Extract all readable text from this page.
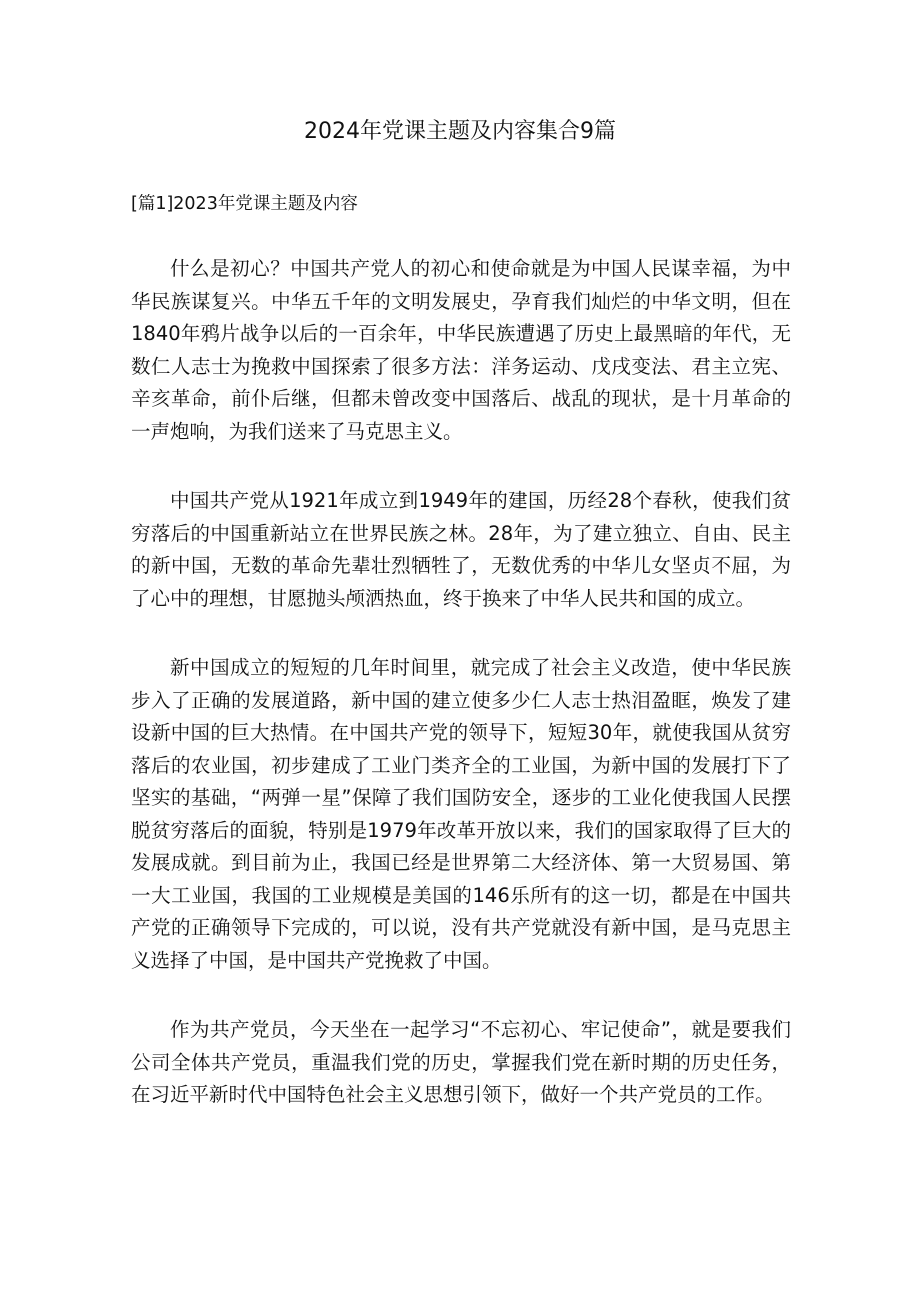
2024年党课主题及内容集合9篇
[篇1]2023年党课主题及内容

什么是初心？中国共产党人的初心和使命就是为中国人民谋幸福，为中华民族谋复兴。中华五千年的文明发展史，孕育我们灿烂的中华文明，但在1840年鸦片战争以后的一百余年，中华民族遭遇了历史上最黑暗的年代，无数仁人志士为挽救中国探索了很多方法：洋务运动、戊戌变法、君主立宪、辛亥革命，前仆后继，但都未曾改变中国落后、战乱的现状，是十月革命的一声炮响，为我们送来了马克思主义。

中国共产党从1921年成立到1949年的建国，历经28个春秋，使我们贫穷落后的中国重新站立在世界民族之林。28年，为了建立独立、自由、民主的新中国，无数的革命先辈壮烈牺牲了，无数优秀的中华儿女坚贞不屈，为了心中的理想，甘愿抛头颅洒热血，终于换来了中华人民共和国的成立。

新中国成立的短短的几年时间里，就完成了社会主义改造，使中华民族步入了正确的发展道路，新中国的建立使多少仁人志士热泪盈眶，焕发了建设新中国的巨大热情。在中国共产党的领导下，短短30年，就使我国从贫穷落后的农业国，初步建成了工业门类齐全的工业国，为新中国的发展打下了坚实的基础，“两弹一星”保障了我们国防安全，逐步的工业化使我国人民摆脱贫穷落后的面貌，特别是1979年改革开放以来，我们的国家取得了巨大的发展成就。到目前为止，我国已经是世界第二大经济体、第一大贸易国、第一大工业国，我国的工业规模是美国的146乐所有的这一切，都是在中国共产党的正确领导下完成的，可以说，没有共产党就没有新中国，是马克思主义选择了中国，是中国共产党挽救了中国。

作为共产党员，今天坐在一起学习“不忘初心、牢记使命”，就是要我们公司全体共产党员，重温我们党的历史，掌握我们党在新时期的历史任务，在习近平新时代中国特色社会主义思想引领下，做好一个共产党员的工作。
